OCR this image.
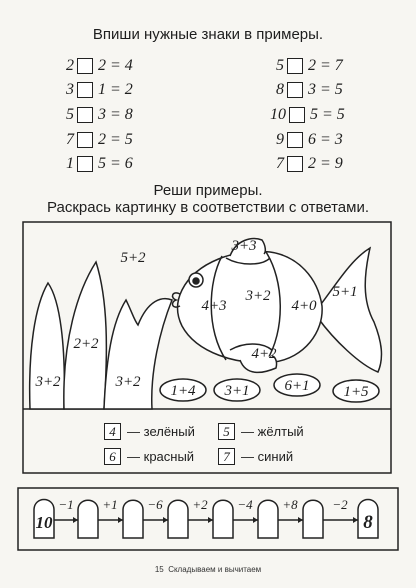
Впиши нужные знаки в примеры.
2 2 = 4
3 1 = 2
5 3 = 8
7 2 = 5
1 5 = 6
5 2 = 7
8 3 = 5
10 5 = 5
9 6 = 3
7 2 = 9
Реши примеры.
Раскрась картинку в соответствии с ответами.
5+2
3+3
3+2
4+3	4+0
5+1
4+2
2+2
3+2	3+2
1+4 3+1 6+1 1+5
10	8
−1 +1 −6 +2 −4 +8	−2
4 — зелёный	5 — жёлтый
6 — красный	7 — синий
15 Складываем и вычитаем
